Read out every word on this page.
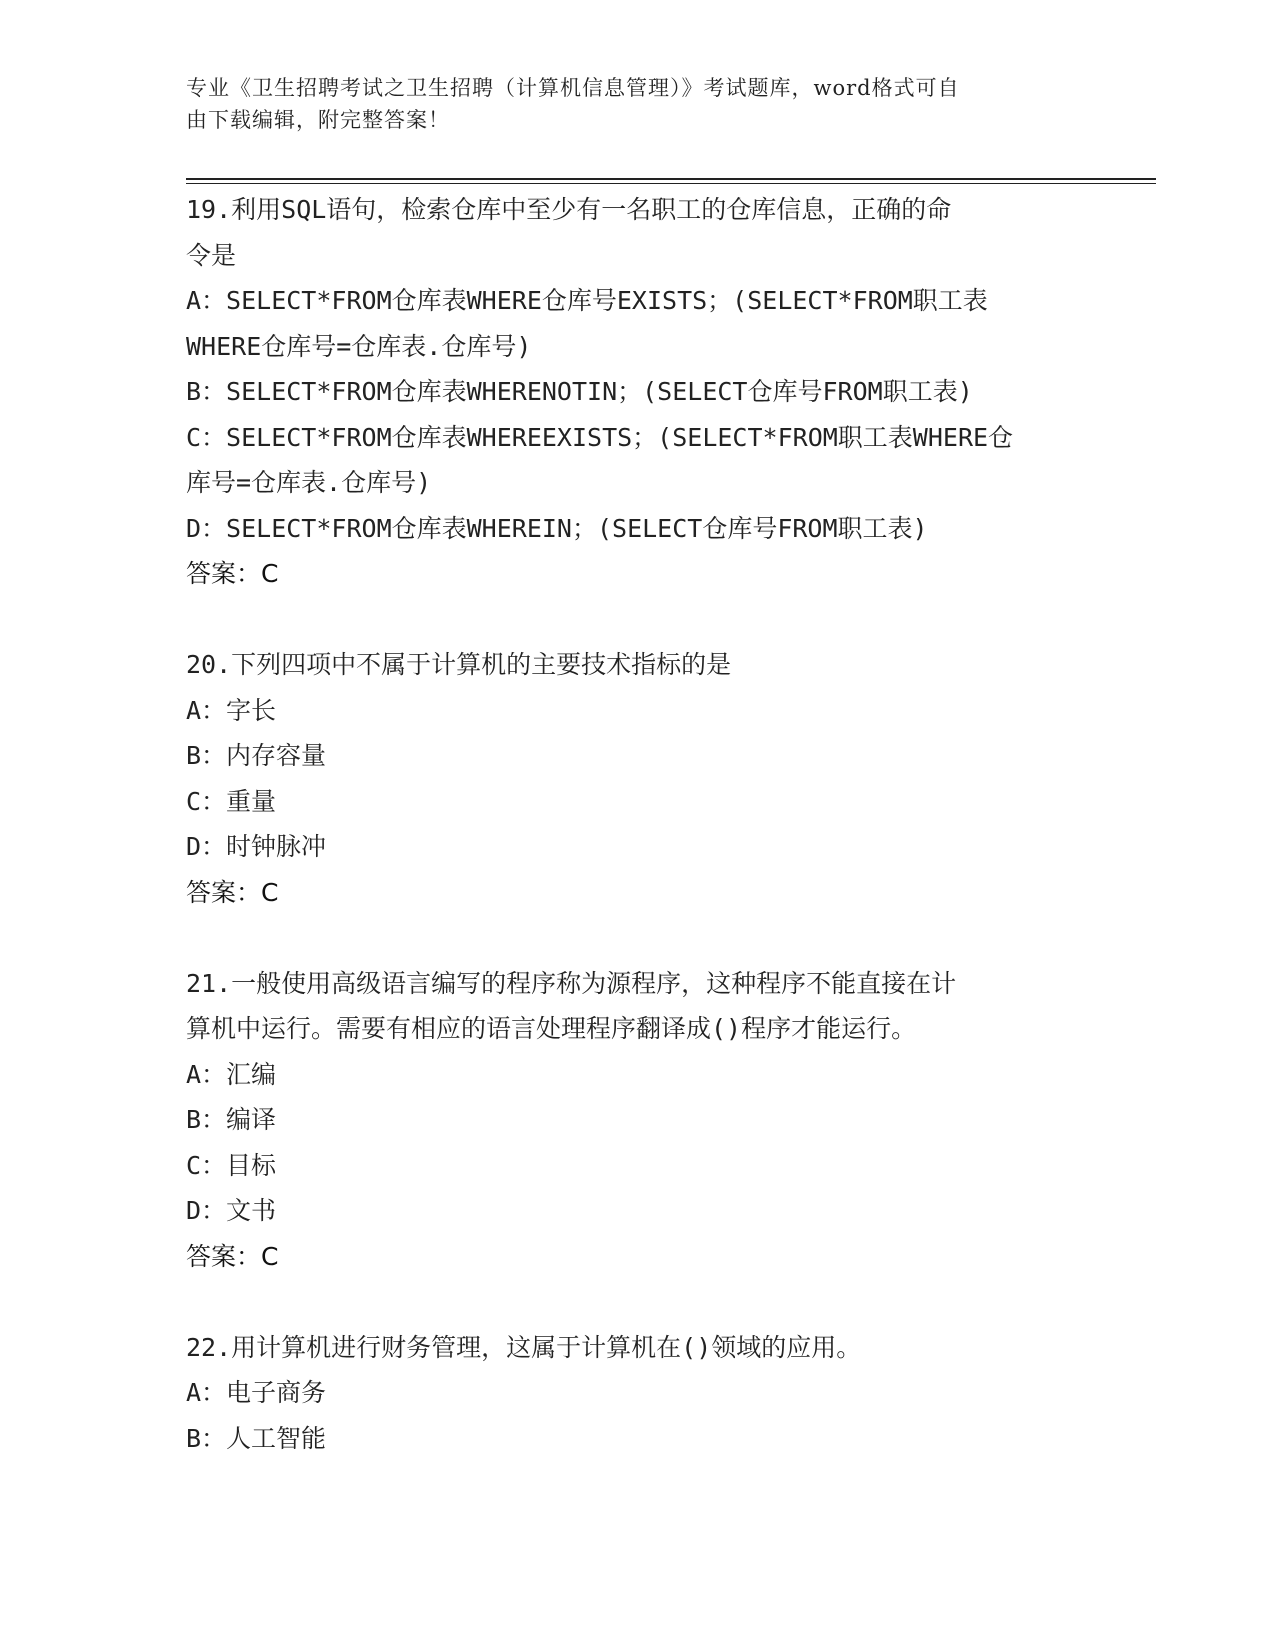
专业《卫生招聘考试之卫生招聘（计算机信息管理）》考试题库，word格式可自
由下载编辑，附完整答案！
19.利用SQL语句，检索仓库中至少有一名职工的仓库信息，正确的命
令是
A：SELECT*FROM仓库表WHERE仓库号EXISTS；(SELECT*FROM职工表
WHERE仓库号=仓库表.仓库号)
B：SELECT*FROM仓库表WHERENOTIN；(SELECT仓库号FROM职工表)
C：SELECT*FROM仓库表WHEREEXISTS；(SELECT*FROM职工表WHERE仓
库号=仓库表.仓库号)
D：SELECT*FROM仓库表WHEREIN；(SELECT仓库号FROM职工表)
答案：C
20.下列四项中不属于计算机的主要技术指标的是
A：字长
B：内存容量
C：重量
D：时钟脉冲
答案：C
21.一般使用高级语言编写的程序称为源程序，这种程序不能直接在计
算机中运行。需要有相应的语言处理程序翻译成()程序才能运行。
A：汇编
B：编译
C：目标
D：文书
答案：C
22.用计算机进行财务管理，这属于计算机在()领域的应用。
A：电子商务
B：人工智能
